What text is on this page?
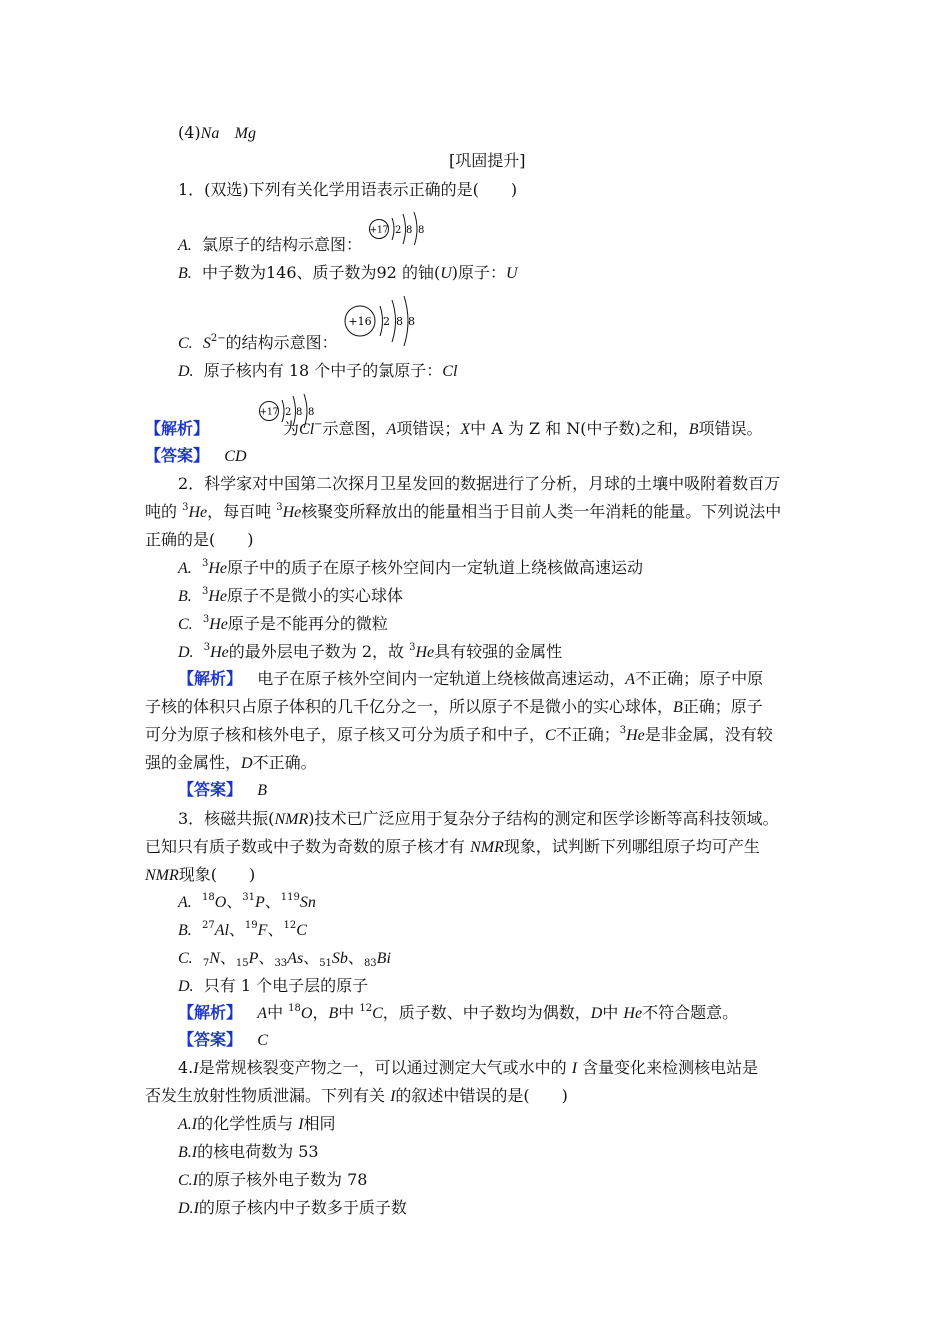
(4)Na Mg
[巩固提升]
1．(双选)下列有关化学用语表示正确的是(　　)
+17 2 8 8
A. 氯原子的结构示意图：
B. 中子数为146、质子数为92 的铀(U)原子：U
+16 2 8 8
C. $S^{2-}$的结构示意图：
D. 原子核内有 18 个中子的氯原子：Cl
+17 2 8 8
【解析】	为Cl−示意图，A项错误；X中 A 为 Z 和 N(中子数)之和，B项错误。
【答案】 CD
2．科学家对中国第二次探月卫星发回的数据进行了分析，月球的土壤中吸附着数百万
吨的 $^3$He，每百吨 $^3$He核聚变所释放出的能量相当于目前人类一年消耗的能量。下列说法中
正确的是(　　)
A. $^3$He原子中的质子在原子核外空间内一定轨道上绕核做高速运动
B. $^3$He原子不是微小的实心球体
C. $^3$He原子是不能再分的微粒
D. $^3$He的最外层电子数为 2，故 $^3$He具有较强的金属性
【解析】 电子在原子核外空间内一定轨道上绕核做高速运动，A不正确；原子中原
子核的体积只占原子体积的几千亿分之一，所以原子不是微小的实心球体，B正确；原子
可分为原子核和核外电子，原子核又可分为质子和中子，C不正确；$^3$He是非金属，没有较
强的金属性，D不正确。
【答案】 B
3．核磁共振(NMR)技术已广泛应用于复杂分子结构的测定和医学诊断等高科技领域。
已知只有质子数或中子数为奇数的原子核才有 NMR现象，试判断下列哪组原子均可产生
NMR现象(　　)
A. $^{18}$O、$^{31}$P、$^{119}$Sn
B. $^{27}$Al、$^{19}$F、$^{12}$C
C. $_7$N、$_{15}$P、$_{33}$As、$_{51}$Sb、$_{83}$Bi
D. 只有 1 个电子层的原子
【解析】 A中 $^{18}$O，B中 $^{12}$C，质子数、中子数均为偶数，D中 He不符合题意。
【答案】 C
4.I是常规核裂变产物之一，可以通过测定大气或水中的 I 含量变化来检测核电站是
否发生放射性物质泄漏。下列有关 I的叙述中错误的是(　　)
A.I的化学性质与 I相同
B.I的核电荷数为 53
C.I的原子核外电子数为 78
D.I的原子核内中子数多于质子数
